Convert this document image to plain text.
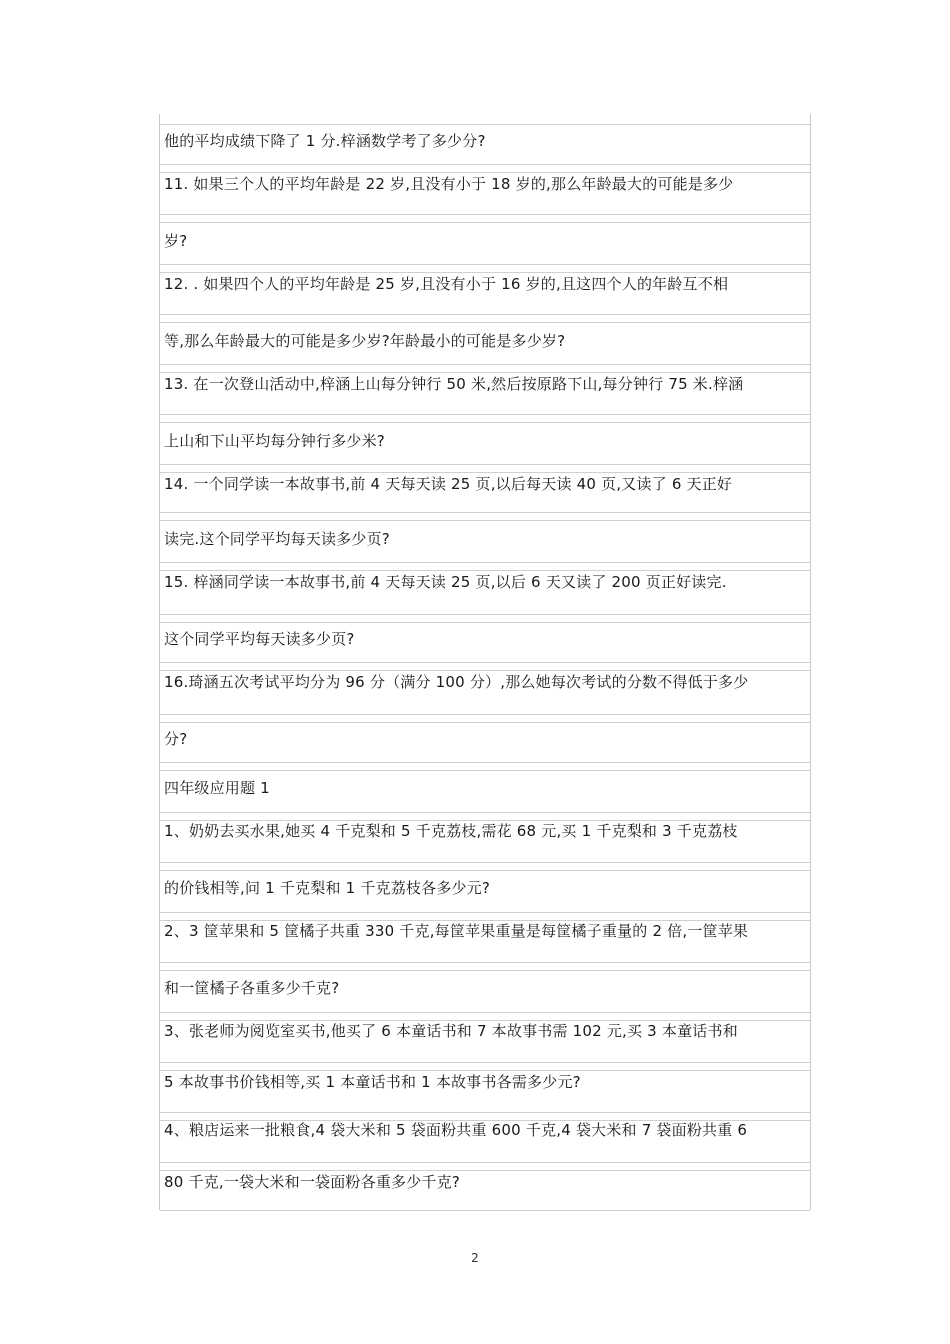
他的平均成绩下降了 1 分.梓涵数学考了多少分?
11. 如果三个人的平均年龄是 22 岁,且没有小于 18 岁的,那么年龄最大的可能是多少
岁?
12. . 如果四个人的平均年龄是 25 岁,且没有小于 16 岁的,且这四个人的年龄互不相
等,那么年龄最大的可能是多少岁?年龄最小的可能是多少岁?
13. 在一次登山活动中,梓涵上山每分钟行 50 米,然后按原路下山,每分钟行 75 米.梓涵
上山和下山平均每分钟行多少米?
14. 一个同学读一本故事书,前 4 天每天读 25 页,以后每天读 40 页,又读了 6 天正好
读完.这个同学平均每天读多少页?
15. 梓涵同学读一本故事书,前 4 天每天读 25 页,以后 6 天又读了 200 页正好读完.
这个同学平均每天读多少页?
16.琦涵五次考试平均分为 96 分（满分 100 分）,那么她每次考试的分数不得低于多少
分?
四年级应用题 1
1、奶奶去买水果,她买 4 千克梨和 5 千克荔枝,需花 68 元,买 1 千克梨和 3 千克荔枝
的价钱相等,问 1 千克梨和 1 千克荔枝各多少元?
2、3 筐苹果和 5 筐橘子共重 330 千克,每筐苹果重量是每筐橘子重量的 2 倍,一筐苹果
和一筐橘子各重多少千克?
3、张老师为阅览室买书,他买了 6 本童话书和 7 本故事书需 102 元,买 3 本童话书和
5 本故事书价钱相等,买 1 本童话书和 1 本故事书各需多少元?
4、粮店运来一批粮食,4 袋大米和 5 袋面粉共重 600 千克,4 袋大米和 7 袋面粉共重 6
80 千克,一袋大米和一袋面粉各重多少千克?
2
